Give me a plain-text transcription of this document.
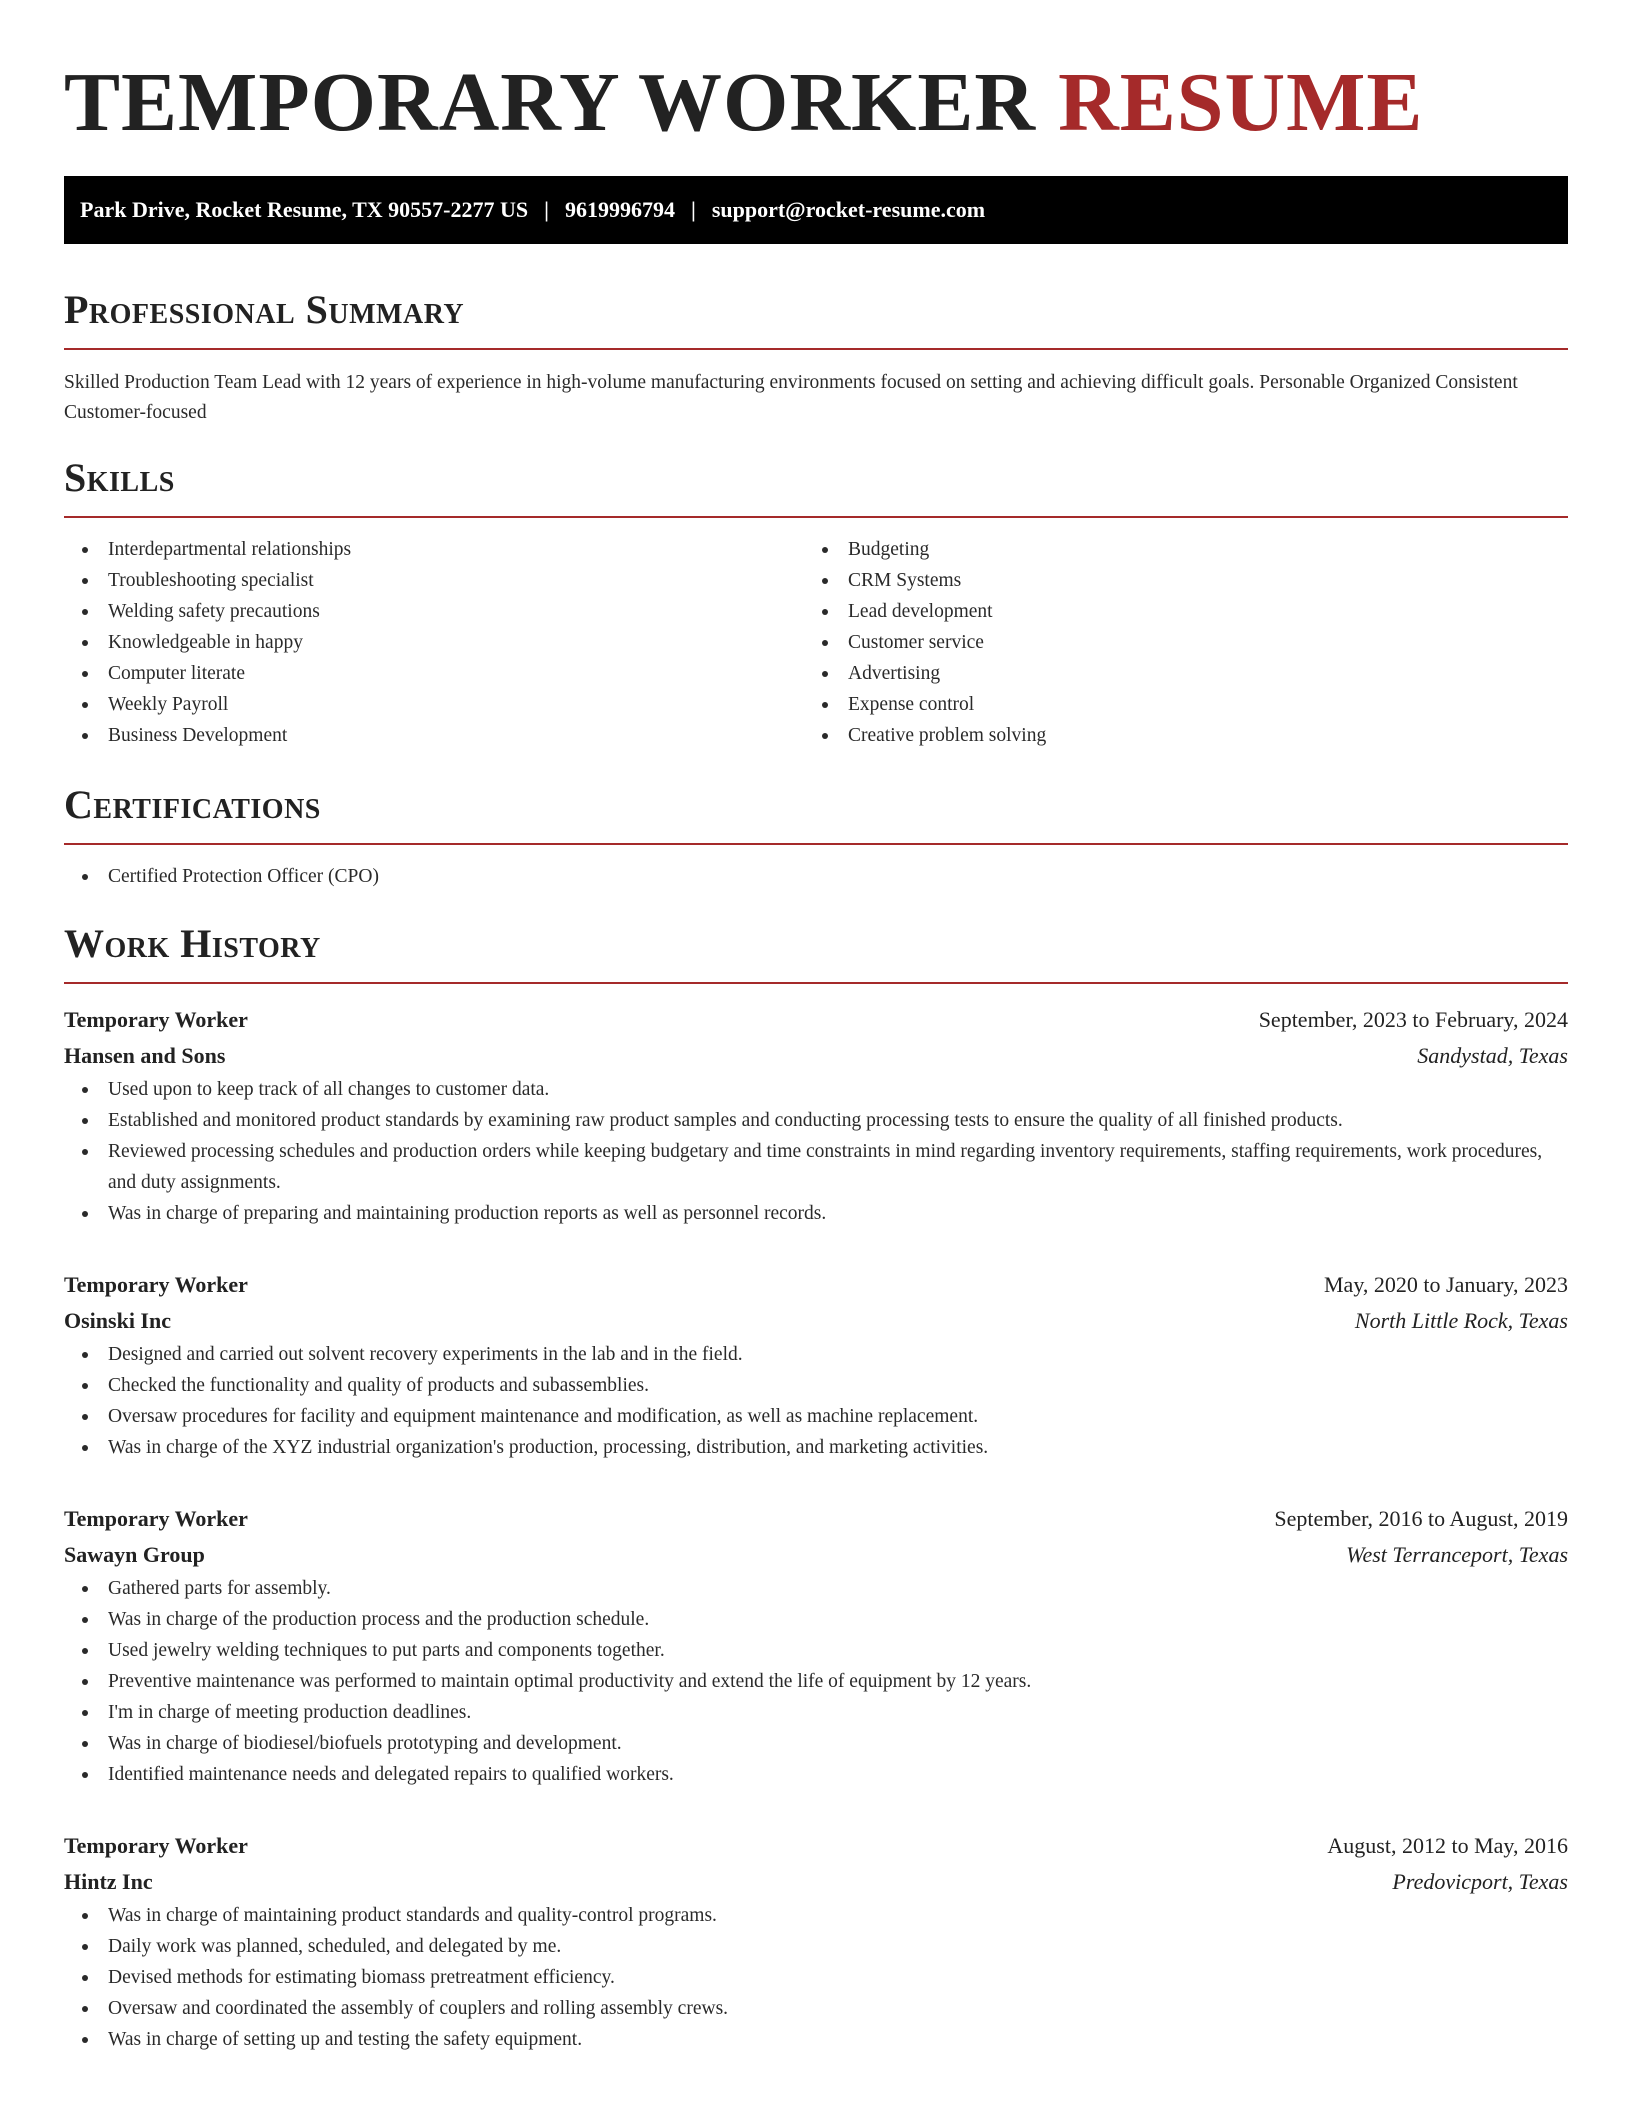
TEMPORARY WORKER RESUME
Park Drive, Rocket Resume, TX 90557-2277 US | 9619996794 | support@rocket-resume.com
Professional Summary

Skilled Production Team Lead with 12 years of experience in high-volume manufacturing environments focused on setting and achieving difficult goals. Personable Organized Consistent Customer-focused

Skills
Interdepartmental relationships
Troubleshooting specialist
Welding safety precautions
Knowledgeable in happy
Computer literate
Weekly Payroll
Business Development
Budgeting
CRM Systems
Lead development
Customer service
Advertising
Expense control
Creative problem solving
Certifications
Certified Protection Officer (CPO)
Work History
Temporary Worker	September, 2023 to February, 2024
Hansen and Sons	Sandystad, Texas
Used upon to keep track of all changes to customer data.
Established and monitored product standards by examining raw product samples and conducting processing tests to ensure the quality of all finished products.
Reviewed processing schedules and production orders while keeping budgetary and time constraints in mind regarding inventory requirements, staffing requirements, work procedures, and duty assignments.
Was in charge of preparing and maintaining production reports as well as personnel records.
Temporary Worker	May, 2020 to January, 2023
Osinski Inc	North Little Rock, Texas
Designed and carried out solvent recovery experiments in the lab and in the field.
Checked the functionality and quality of products and subassemblies.
Oversaw procedures for facility and equipment maintenance and modification, as well as machine replacement.
Was in charge of the XYZ industrial organization's production, processing, distribution, and marketing activities.
Temporary Worker	September, 2016 to August, 2019
Sawayn Group	West Terranceport, Texas
Gathered parts for assembly.
Was in charge of the production process and the production schedule.
Used jewelry welding techniques to put parts and components together.
Preventive maintenance was performed to maintain optimal productivity and extend the life of equipment by 12 years.
I'm in charge of meeting production deadlines.
Was in charge of biodiesel/biofuels prototyping and development.
Identified maintenance needs and delegated repairs to qualified workers.
Temporary Worker	August, 2012 to May, 2016
Hintz Inc	Predovicport, Texas
Was in charge of maintaining product standards and quality-control programs.
Daily work was planned, scheduled, and delegated by me.
Devised methods for estimating biomass pretreatment efficiency.
Oversaw and coordinated the assembly of couplers and rolling assembly crews.
Was in charge of setting up and testing the safety equipment.
